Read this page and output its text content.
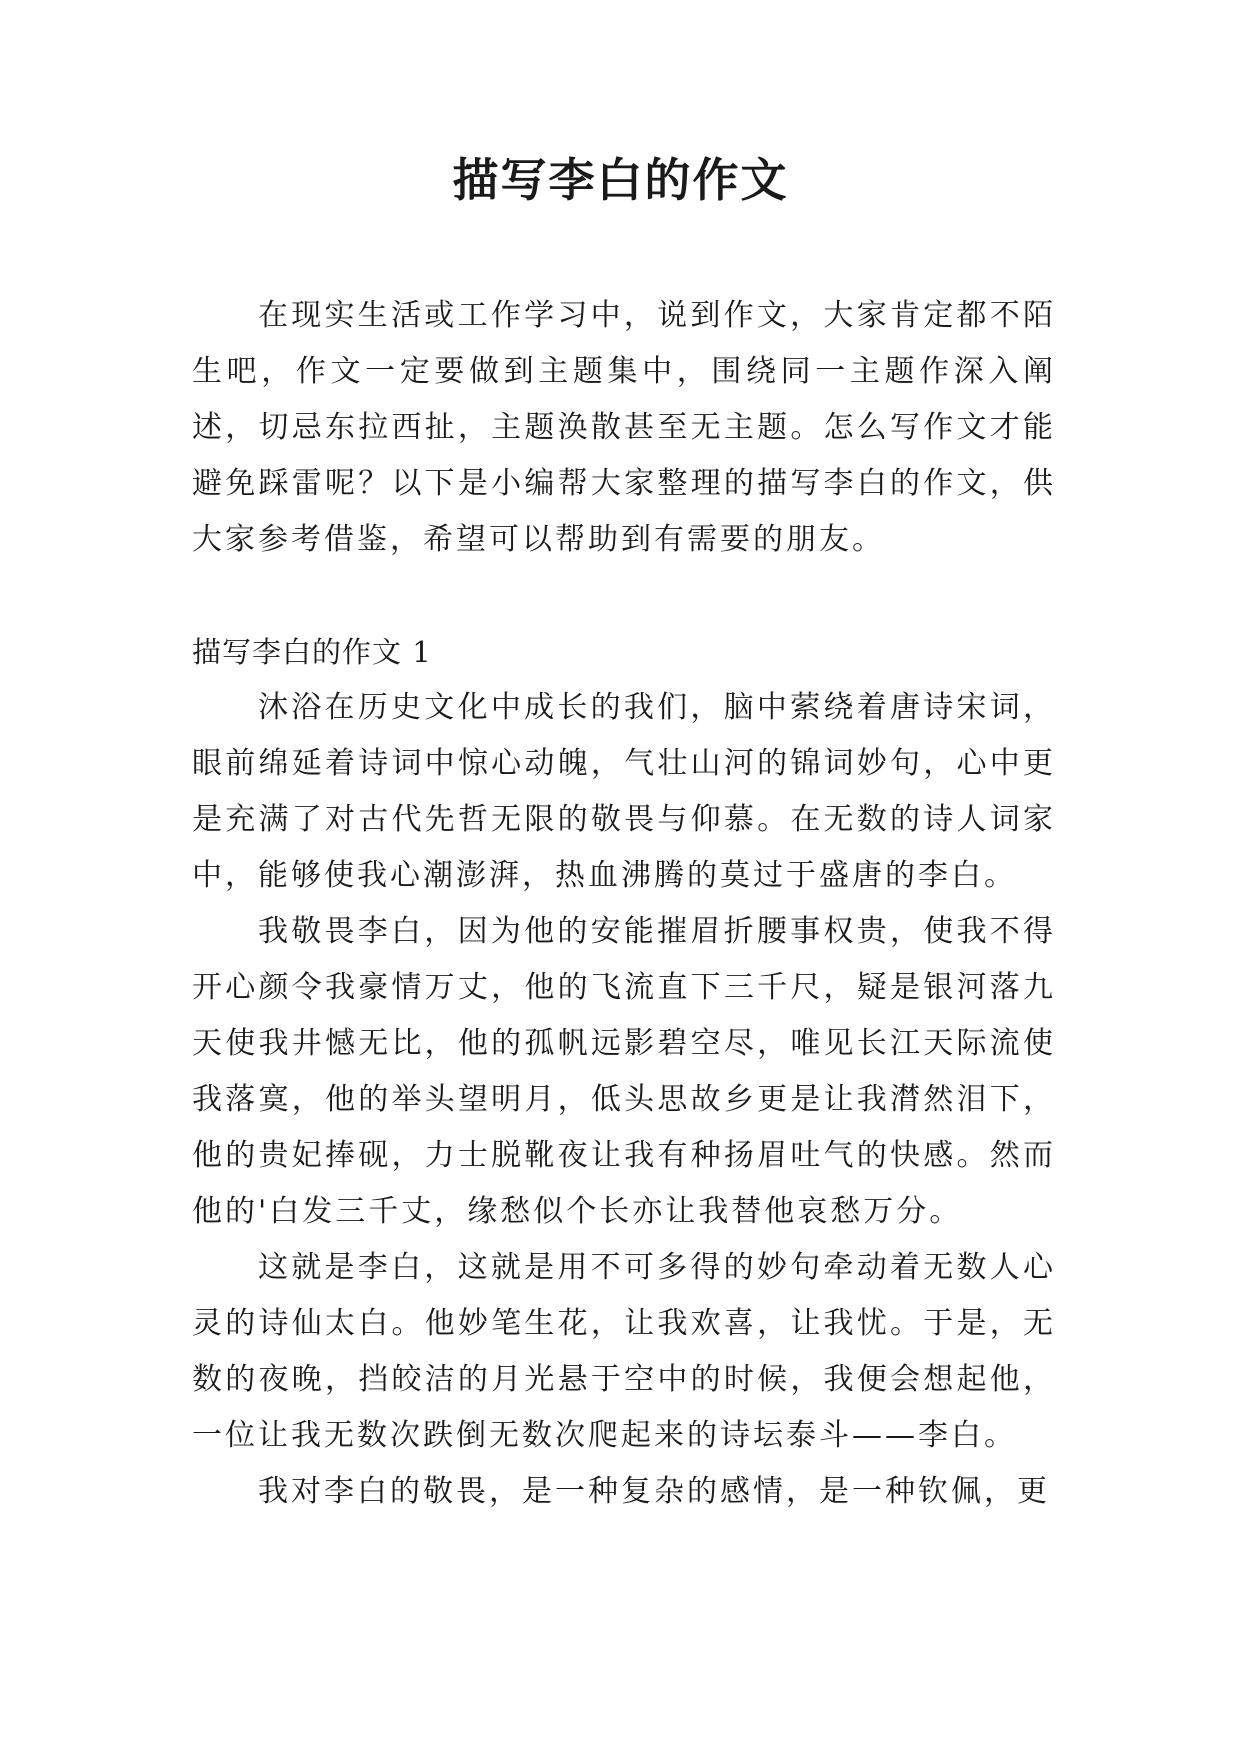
描写李白的作文

在现实生活或工作学习中，说到作文，大家肯定都不陌生吧，作文一定要做到主题集中，围绕同一主题作深入阐述，切忌东拉西扯，主题涣散甚至无主题。怎么写作文才能避免踩雷呢？以下是小编帮大家整理的描写李白的作文，供大家参考借鉴，希望可以帮助到有需要的朋友。

描写李白的作文 1

沐浴在历史文化中成长的我们，脑中萦绕着唐诗宋词，眼前绵延着诗词中惊心动魄，气壮山河的锦词妙句，心中更是充满了对古代先哲无限的敬畏与仰慕。在无数的诗人词家中，能够使我心潮澎湃，热血沸腾的莫过于盛唐的李白。

我敬畏李白，因为他的安能摧眉折腰事权贵，使我不得开心颜令我豪情万丈，他的飞流直下三千尺，疑是银河落九天使我井憾无比，他的孤帆远影碧空尽，唯见长江天际流使我落寞，他的举头望明月，低头思故乡更是让我潸然泪下，他的贵妃捧砚，力士脱靴夜让我有种扬眉吐气的快感。然而他的'白发三千丈，缘愁似个长亦让我替他哀愁万分。

这就是李白，这就是用不可多得的妙句牵动着无数人心灵的诗仙太白。他妙笔生花，让我欢喜，让我忧。于是，无数的夜晚，挡皎洁的月光悬于空中的时候，我便会想起他，一位让我无数次跌倒无数次爬起来的诗坛泰斗——李白。

我对李白的敬畏，是一种复杂的感情，是一种钦佩，更
